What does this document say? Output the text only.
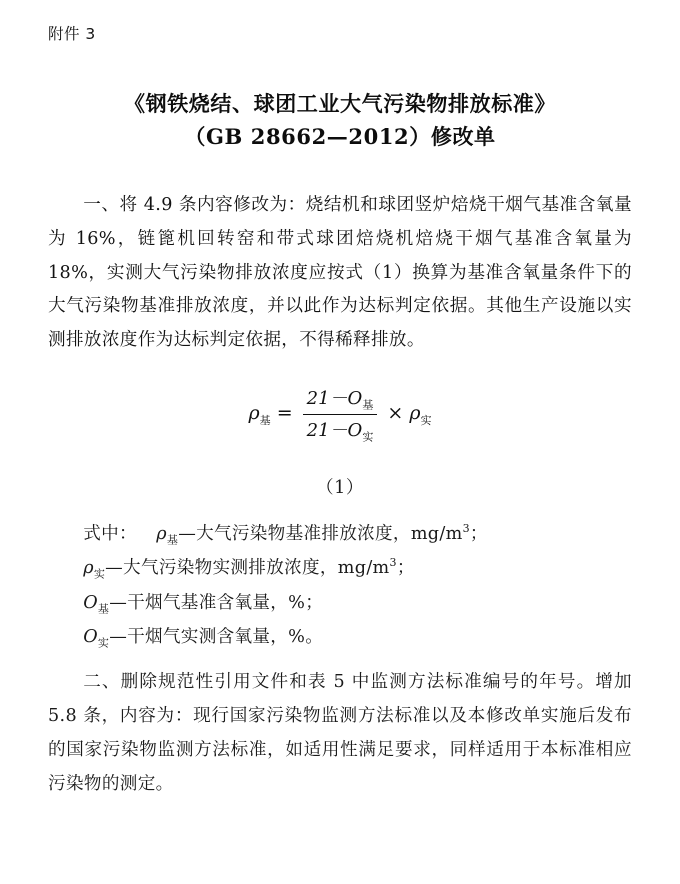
附件 3
《钢铁烧结、球团工业大气污染物排放标准》
（GB 28662—2012）修改单

一、将 4.9 条内容修改为：烧结机和球团竖炉焙烧干烟气基准含氧量为 16%，链篦机回转窑和带式球团焙烧机焙烧干烟气基准含氧量为 18%，实测大气污染物排放浓度应按式（1）换算为基准含氧量条件下的大气污染物基准排放浓度，并以此作为达标判定依据。其他生产设施以实测排放浓度作为达标判定依据，不得稀释排放。

$\rho_基 = \frac{21-O_基}{21-O_实} \times \rho_实$
（1）

式中： $\rho_基—$大气污染物基准排放浓度，$mg/m^3$；

$\rho_实—$大气污染物实测排放浓度，$mg/m^3$；

$O_基—$干烟气基准含氧量，%；

$O_实—$干烟气实测含氧量，%。

二、删除规范性引用文件和表 5 中监测方法标准编号的年号。增加 5.8 条，内容为：现行国家污染物监测方法标准以及本修改单实施后发布的国家污染物监测方法标准，如适用性满足要求，同样适用于本标准相应污染物的测定。
